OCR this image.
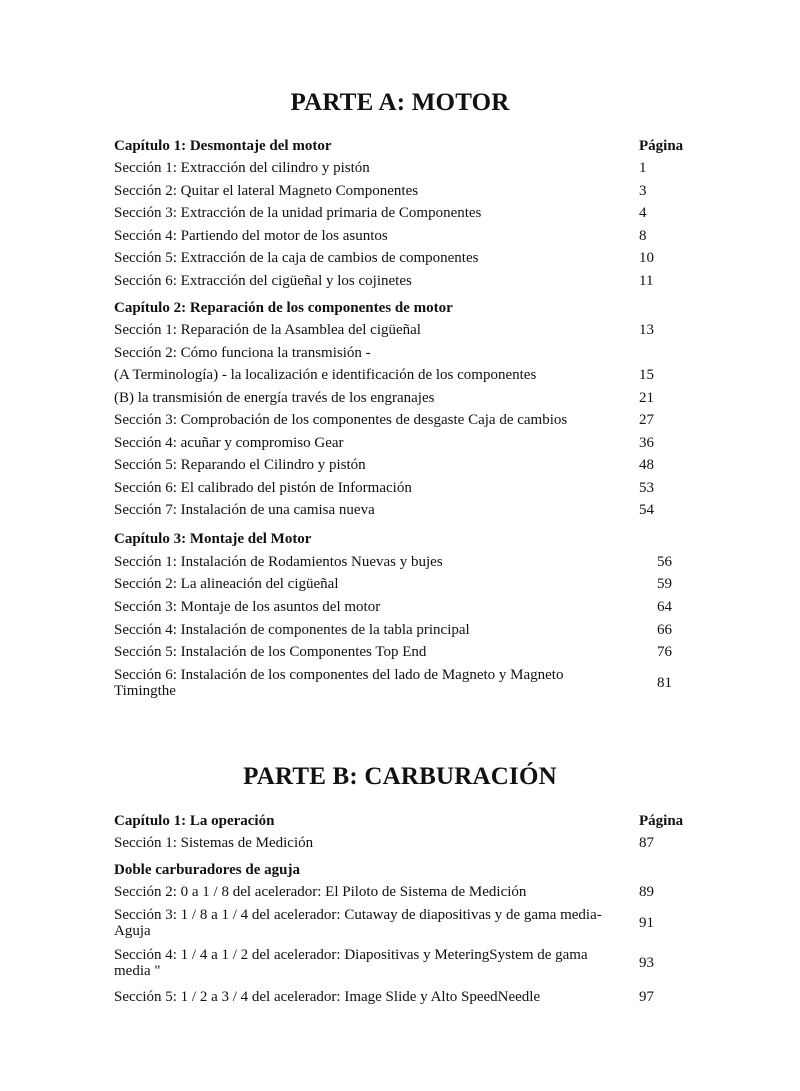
PARTE A: MOTOR
Capítulo 1: Desmontaje del motor	Página
Sección 1: Extracción del cilindro y pistón	1
Sección 2: Quitar el lateral Magneto Componentes	3
Sección 3: Extracción de la unidad primaria de Componentes	4
Sección 4: Partiendo del motor de los asuntos	8
Sección 5: Extracción de la caja de cambios de componentes	10
Sección 6: Extracción del cigüeñal y los cojinetes	11
Capítulo 2: Reparación de los componentes de motor
Sección 1: Reparación de la Asamblea del cigüeñal	13
Sección 2: Cómo funciona la transmisión -
(A Terminología) - la localización e identificación de los componentes	15
(B) la transmisión de energía través de los engranajes	21
Sección 3: Comprobación de los componentes de desgaste Caja de cambios	27
Sección 4: acuñar y compromiso Gear	36
Sección 5: Reparando el Cilindro y pistón	48
Sección 6: El calibrado del pistón de Información	53
Sección 7: Instalación de una camisa nueva	54
Capítulo 3: Montaje del Motor
Sección 1: Instalación de Rodamientos Nuevas y bujes	56
Sección 2: La alineación del cigüeñal	59
Sección 3: Montaje de los asuntos del motor	64
Sección 4: Instalación de componentes de la tabla principal	66
Sección 5: Instalación de los Componentes Top End	76
Sección 6: Instalación de los componentes del lado de Magneto y Magneto Timingthe	81
PARTE B: CARBURACIÓN
Capítulo 1: La operación	Página
Sección 1: Sistemas de Medición	87
Doble carburadores de aguja
Sección 2: 0 a 1 / 8 del acelerador: El Piloto de Sistema de Medición	89
Sección 3: 1 / 8 a 1 / 4 del acelerador: Cutaway de diapositivas y de gama media-Aguja	91
Sección 4: 1 / 4 a 1 / 2 del acelerador: Diapositivas y MeteringSystem de gama media "	93
Sección 5: 1 / 2 a 3 / 4 del acelerador: Image Slide y Alto SpeedNeedle	97
